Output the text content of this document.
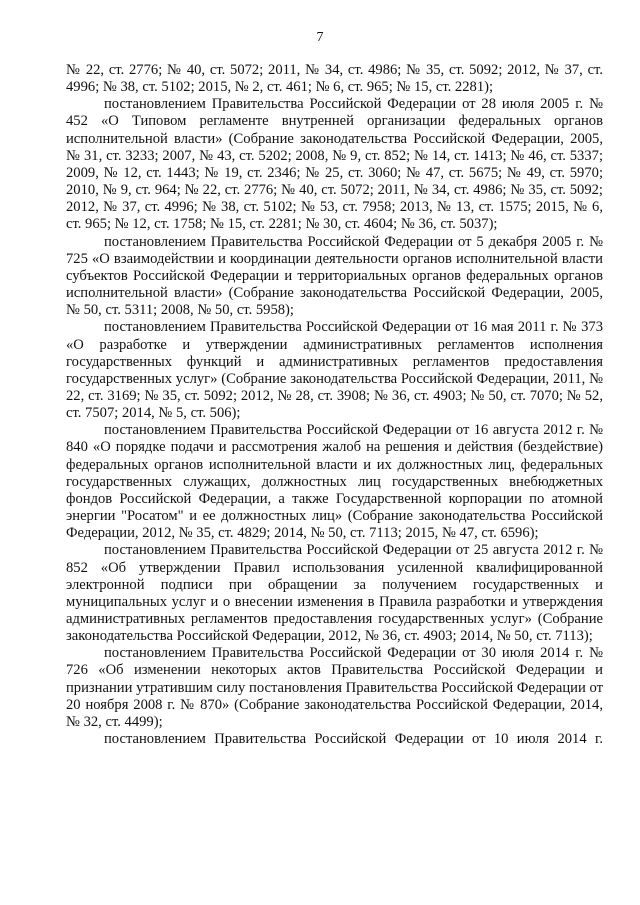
7

№ 22, ст. 2776; № 40, ст. 5072; 2011, № 34, ст. 4986; № 35, ст. 5092; 2012, № 37, ст. 4996; № 38, ст. 5102; 2015, № 2, ст. 461; № 6, ст. 965; № 15, ст. 2281);

постановлением Правительства Российской Федерации от 28 июля 2005 г. № 452 «О Типовом регламенте внутренней организации федеральных органов исполнительной власти» (Собрание законодательства Российской Федерации, 2005, № 31, ст. 3233; 2007, № 43, ст. 5202; 2008, № 9, ст. 852; № 14, ст. 1413; № 46, ст. 5337; 2009, № 12, ст. 1443; № 19, ст. 2346; № 25, ст. 3060; № 47, ст. 5675; № 49, ст. 5970; 2010, № 9, ст. 964; № 22, ст. 2776; № 40, ст. 5072; 2011, № 34, ст. 4986; № 35, ст. 5092; 2012, № 37, ст. 4996; № 38, ст. 5102; № 53, ст. 7958; 2013, № 13, ст. 1575; 2015, № 6, ст. 965; № 12, ст. 1758; № 15, ст. 2281; № 30, ст. 4604; № 36, ст. 5037);

постановлением Правительства Российской Федерации от 5 декабря 2005 г. № 725 «О взаимодействии и координации деятельности органов исполнительной власти субъектов Российской Федерации и территориальных органов федеральных органов исполнительной власти» (Собрание законодательства Российской Федерации, 2005, № 50, ст. 5311; 2008, № 50, ст. 5958);

постановлением Правительства Российской Федерации от 16 мая 2011 г. № 373 «О разработке и утверждении административных регламентов исполнения государственных функций и административных регламентов предоставления государственных услуг» (Собрание законодательства Российской Федерации, 2011, № 22, ст. 3169; № 35, ст. 5092; 2012, № 28, ст. 3908; № 36, ст. 4903; № 50, ст. 7070; № 52, ст. 7507; 2014, № 5, ст. 506);

постановлением Правительства Российской Федерации от 16 августа 2012 г. № 840 «О порядке подачи и рассмотрения жалоб на решения и действия (бездействие) федеральных органов исполнительной власти и их должностных лиц, федеральных государственных служащих, должностных лиц государственных внебюджетных фондов Российской Федерации, а также Государственной корпорации по атомной энергии "Росатом" и ее должностных лиц» (Собрание законодательства Российской Федерации, 2012, № 35, ст. 4829; 2014, № 50, ст. 7113; 2015, № 47, ст. 6596);

постановлением Правительства Российской Федерации от 25 августа 2012 г. № 852 «Об утверждении Правил использования усиленной квалифицированной электронной подписи при обращении за получением государственных и муниципальных услуг и о внесении изменения в Правила разработки и утверждения административных регламентов предоставления государственных услуг» (Собрание законодательства Российской Федерации, 2012, № 36, ст. 4903; 2014, № 50, ст. 7113);

постановлением Правительства Российской Федерации от 30 июля 2014 г. № 726 «Об изменении некоторых актов Правительства Российской Федерации и признании утратившим силу постановления Правительства Российской Федерации от 20 ноября 2008 г. № 870» (Собрание законодательства Российской Федерации, 2014, № 32, ст. 4499);

постановлением Правительства Российской Федерации от 10 июля 2014 г.
